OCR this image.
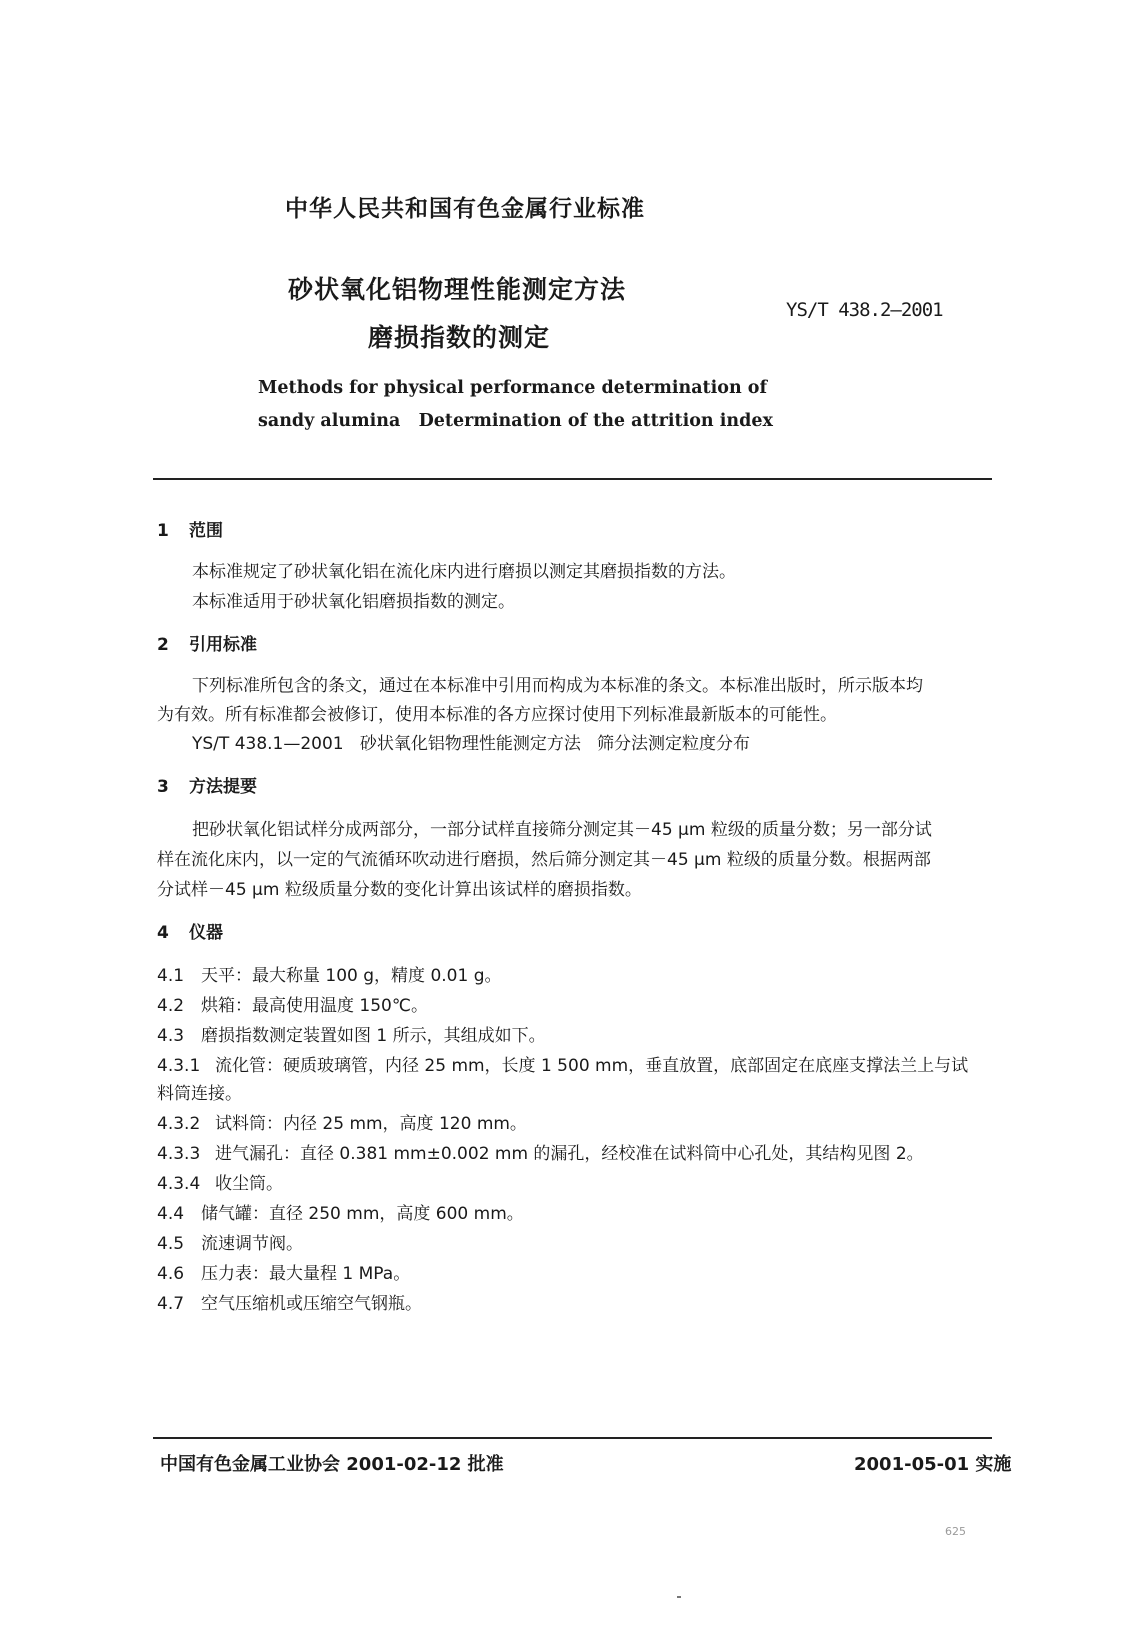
中华人民共和国有色金属行业标准
砂状氧化铝物理性能测定方法
磨损指数的测定
YS/T 438.2—2001
Methods for physical performance determination of
sandy alumina   Determination of the attrition index
1 范围
本标准规定了砂状氧化铝在流化床内进行磨损以测定其磨损指数的方法。
本标准适用于砂状氧化铝磨损指数的测定。
2 引用标准
下列标准所包含的条文，通过在本标准中引用而构成为本标准的条文。本标准出版时，所示版本均
为有效。所有标准都会被修订，使用本标准的各方应探讨使用下列标准最新版本的可能性。
YS/T 438.1—2001   砂状氧化铝物理性能测定方法   筛分法测定粒度分布
3 方法提要
把砂状氧化铝试样分成两部分，一部分试样直接筛分测定其－45 μm 粒级的质量分数；另一部分试
样在流化床内，以一定的气流循环吹动进行磨损，然后筛分测定其－45 μm 粒级的质量分数。根据两部
分试样－45 μm 粒级质量分数的变化计算出该试样的磨损指数。
4 仪器
4.1 天平：最大称量 100 g，精度 0.01 g。
4.2 烘箱：最高使用温度 150℃。
4.3 磨损指数测定装置如图 1 所示，其组成如下。
4.3.1 流化管：硬质玻璃管，内径 25 mm，长度 1 500 mm，垂直放置，底部固定在底座支撑法兰上与试
料筒连接。
4.3.2 试料筒：内径 25 mm，高度 120 mm。
4.3.3 进气漏孔：直径 0.381 mm±0.002 mm 的漏孔，经校准在试料筒中心孔处，其结构见图 2。
4.3.4 收尘筒。
4.4 储气罐：直径 250 mm，高度 600 mm。
4.5 流速调节阀。
4.6 压力表：最大量程 1 MPa。
4.7 空气压缩机或压缩空气钢瓶。
中国有色金属工业协会 2001-02-12 批准	2001-05-01 实施
625
